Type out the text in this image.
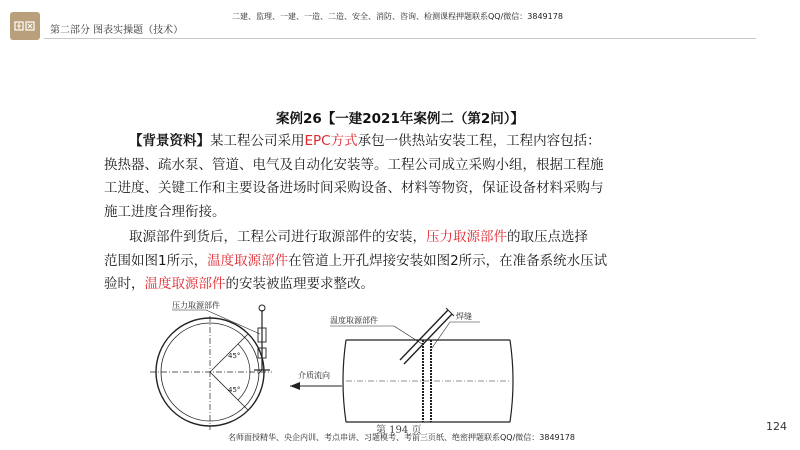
第二部分 图表实操题（技术）
二建、监理、一建、一造、二造、安全、消防、咨询、检测课程押题联系QQ/微信：3849178
案例26【一建2021年案例二（第2问）】
【背景资料】某工程公司采用EPC方式承包一供热站安装工程，工程内容包括：
换热器、疏水泵、管道、电气及自动化安装等。工程公司成立采购小组，根据工程施
工进度、关键工作和主要设备进场时间采购设备、材料等物资，保证设备材料采购与
施工进度合理衔接。
取源部件到货后，工程公司进行取源部件的安装，压力取源部件的取压点选择
范围如图1所示，温度取源部件在管道上开孔焊接安装如图2所示，在准备系统水压试
验时，温度取源部件的安装被监理要求整改。
压力取源部件
45°
45°
介质流向
温度取源部件	焊缝
第 194 页
名师面授精华、央企内训、考点串讲、习题模考、考前三页纸、绝密押题联系QQ/微信：3849178
124
